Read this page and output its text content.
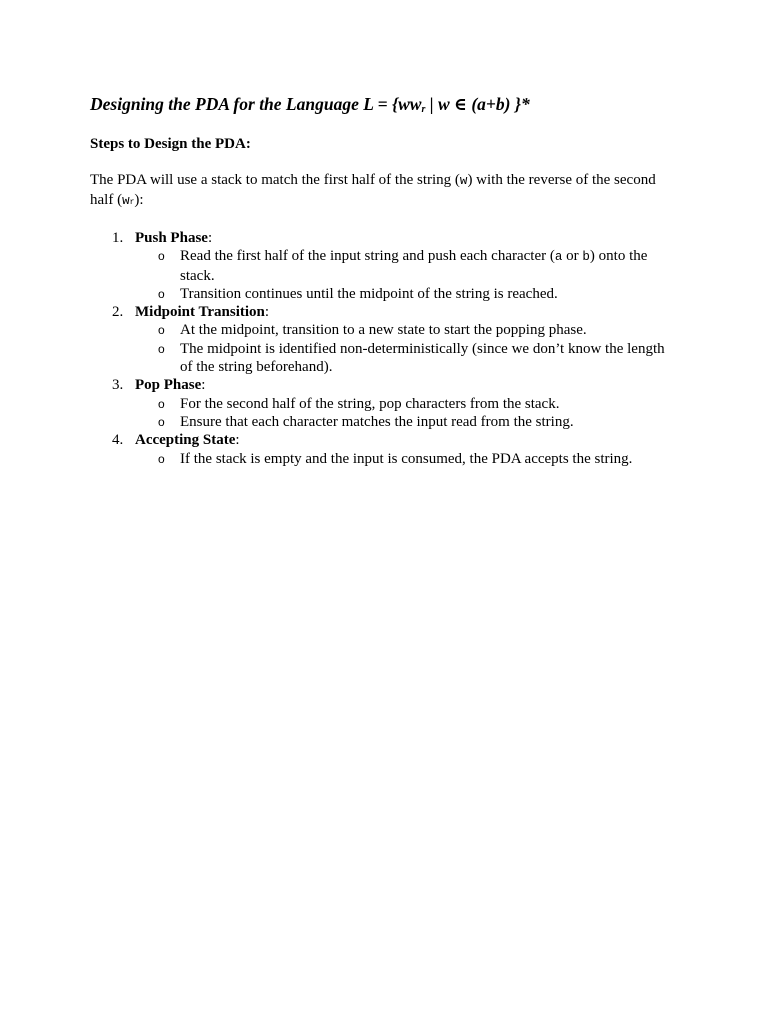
Designing the PDA for the Language L = {wwr | w ∈ (a+b) }*
Steps to Design the PDA:

The PDA will use a stack to match the first half of the string (w) with the reverse of the second half (wr):

1. Push Phase:
o Read the first half of the input string and push each character (a or b) onto the stack.
o Transition continues until the midpoint of the string is reached.
2. Midpoint Transition:
o At the midpoint, transition to a new state to start the popping phase.
o The midpoint is identified non-deterministically (since we don’t know the length of the string beforehand).
3. Pop Phase:
o For the second half of the string, pop characters from the stack.
o Ensure that each character matches the input read from the string.
4. Accepting State:
o If the stack is empty and the input is consumed, the PDA accepts the string.
